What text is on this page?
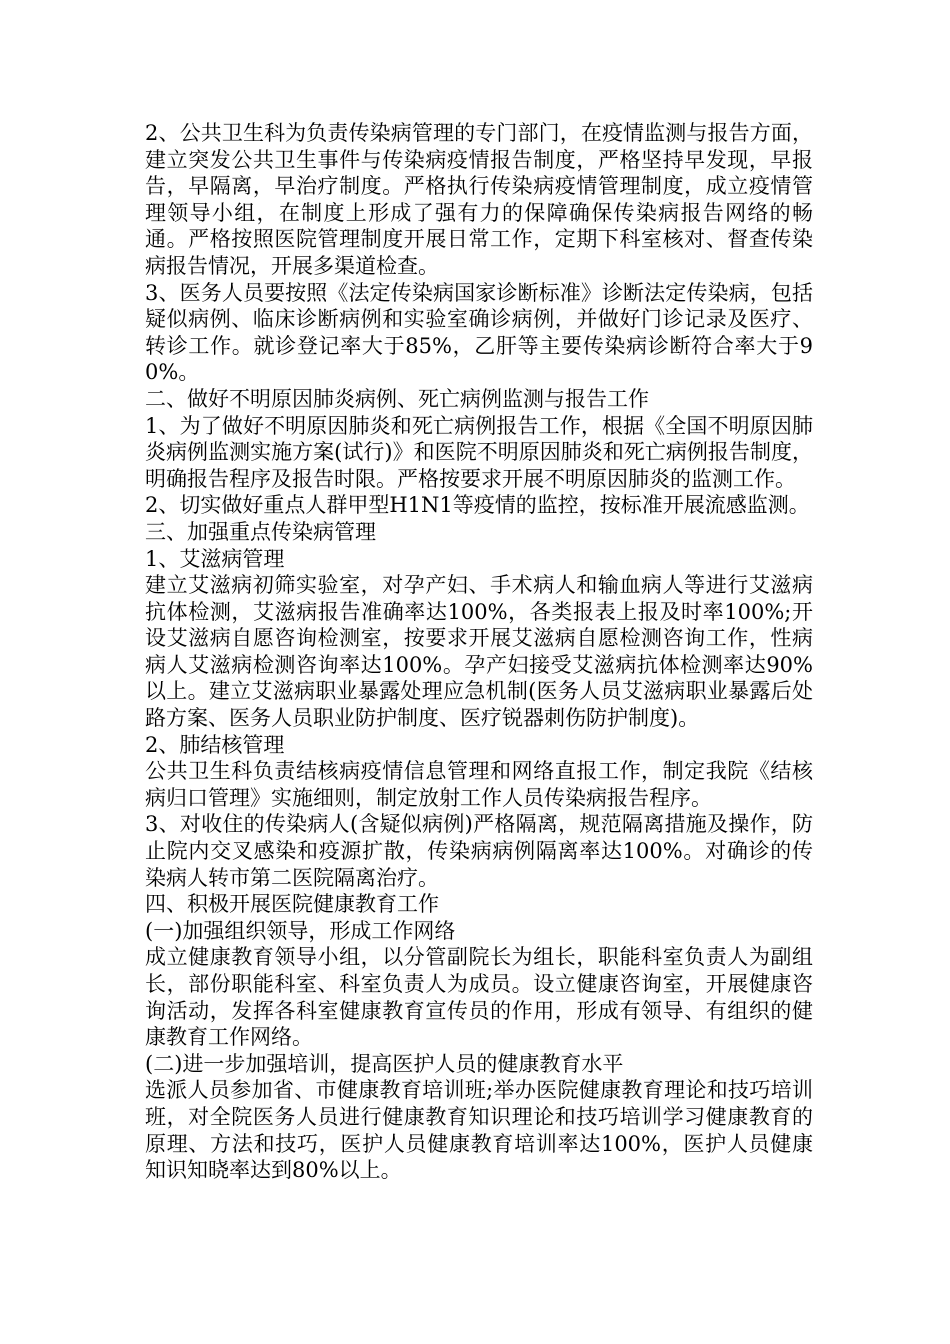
2、公共卫生科为负责传染病管理的专门部门，在疫情监测与报告方面，建立突发公共卫生事件与传染病疫情报告制度，严格坚持早发现，早报告，早隔离，早治疗制度。严格执行传染病疫情管理制度，成立疫情管理领导小组，在制度上形成了强有力的保障确保传染病报告网络的畅通。严格按照医院管理制度开展日常工作，定期下科室核对、督查传染病报告情况，开展多渠道检查。

3、医务人员要按照《法定传染病国家诊断标准》诊断法定传染病，包括疑似病例、临床诊断病例和实验室确诊病例，并做好门诊记录及医疗、转诊工作。就诊登记率大于85%，乙肝等主要传染病诊断符合率大于90%。

二、做好不明原因肺炎病例、死亡病例监测与报告工作

1、为了做好不明原因肺炎和死亡病例报告工作，根据《全国不明原因肺炎病例监测实施方案(试行)》和医院不明原因肺炎和死亡病例报告制度，明确报告程序及报告时限。严格按要求开展不明原因肺炎的监测工作。

2、切实做好重点人群甲型H1N1等疫情的监控，按标准开展流感监测。

三、加强重点传染病管理

1、艾滋病管理

建立艾滋病初筛实验室，对孕产妇、手术病人和输血病人等进行艾滋病抗体检测，艾滋病报告准确率达100%，各类报表上报及时率100%;开设艾滋病自愿咨询检测室，按要求开展艾滋病自愿检测咨询工作，性病病人艾滋病检测咨询率达100%。孕产妇接受艾滋病抗体检测率达90%以上。建立艾滋病职业暴露处理应急机制(医务人员艾滋病职业暴露后处路方案、医务人员职业防护制度、医疗锐器刺伤防护制度)。

2、肺结核管理

公共卫生科负责结核病疫情信息管理和网络直报工作，制定我院《结核病归口管理》实施细则，制定放射工作人员传染病报告程序。

3、对收住的传染病人(含疑似病例)严格隔离，规范隔离措施及操作，防止院内交叉感染和疫源扩散，传染病病例隔离率达100%。对确诊的传染病人转市第二医院隔离治疗。

四、积极开展医院健康教育工作

(一)加强组织领导，形成工作网络

成立健康教育领导小组，以分管副院长为组长，职能科室负责人为副组长，部份职能科室、科室负责人为成员。设立健康咨询室，开展健康咨询活动，发挥各科室健康教育宣传员的作用，形成有领导、有组织的健康教育工作网络。

(二)进一步加强培训，提高医护人员的健康教育水平

选派人员参加省、市健康教育培训班;举办医院健康教育理论和技巧培训班，对全院医务人员进行健康教育知识理论和技巧培训学习健康教育的原理、方法和技巧，医护人员健康教育培训率达100%，医护人员健康知识知晓率达到80%以上。
